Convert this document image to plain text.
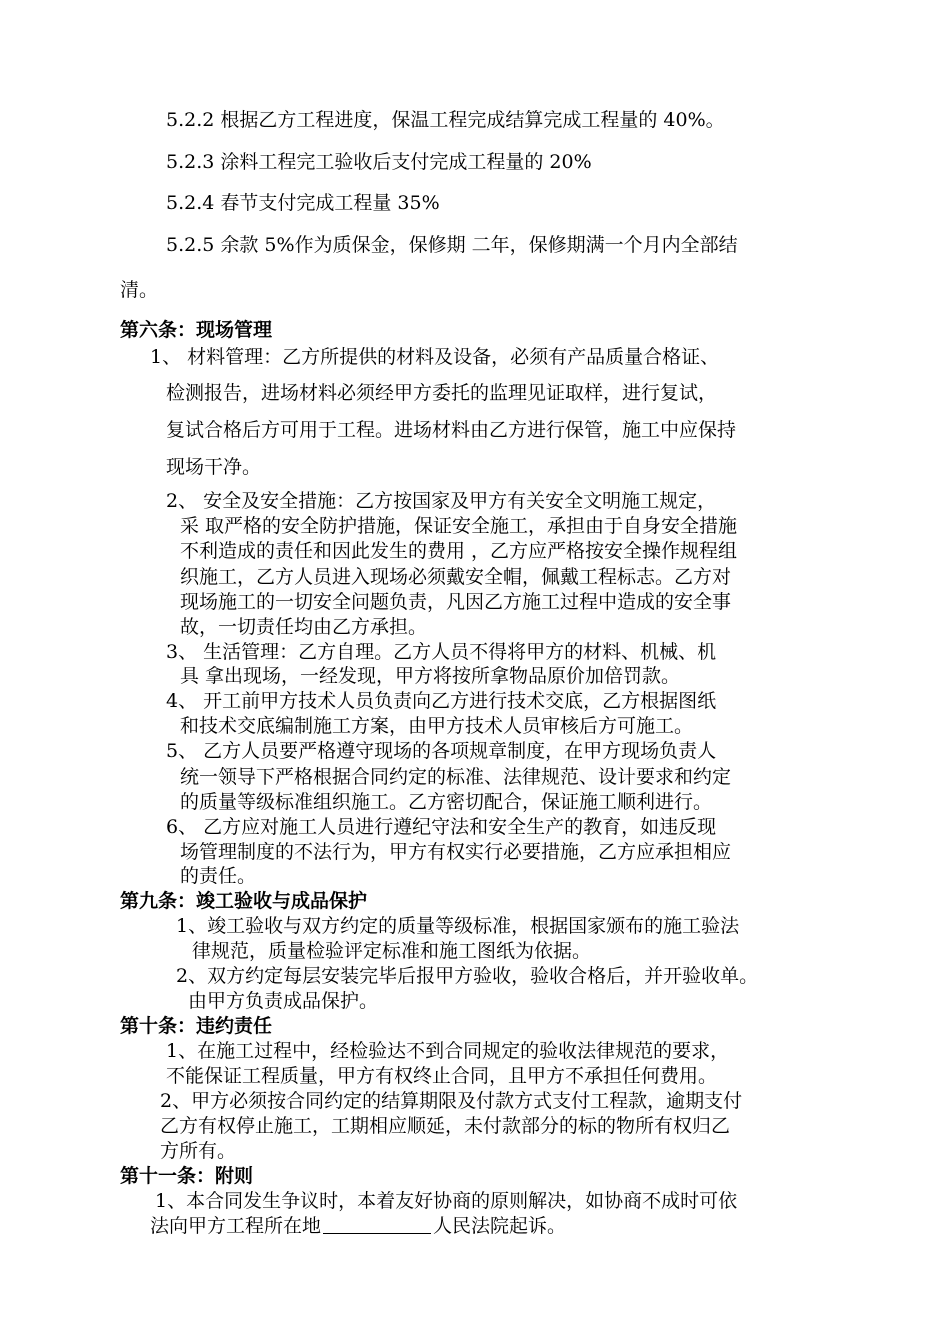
5.2.2 根据乙方工程进度，保温工程完成结算完成工程量的 40%。
5.2.3 涂料工程完工验收后支付完成工程量的 20%
5.2.4 春节支付完成工程量 35%
5.2.5 余款 5%作为质保金，保修期 二年，保修期满一个月内全部结
清。
第六条：现场管理
1、 材料管理：乙方所提供的材料及设备，必须有产品质量合格证、
检测报告，进场材料必须经甲方委托的监理见证取样，进行复试，
复试合格后方可用于工程。进场材料由乙方进行保管，施工中应保持
现场干净。
2、 安全及安全措施：乙方按国家及甲方有关安全文明施工规定，
采 取严格的安全防护措施，保证安全施工，承担由于自身安全措施
不利造成的责任和因此发生的费用 ，乙方应严格按安全操作规程组
织施工，乙方人员进入现场必须戴安全帽，佩戴工程标志。乙方对
现场施工的一切安全问题负责，凡因乙方施工过程中造成的安全事
故，一切责任均由乙方承担。
3、 生活管理：乙方自理。乙方人员不得将甲方的材料、机械、机
具 拿出现场，一经发现，甲方将按所拿物品原价加倍罚款。
4、 开工前甲方技术人员负责向乙方进行技术交底，乙方根据图纸
和技术交底编制施工方案，由甲方技术人员审核后方可施工。
5、 乙方人员要严格遵守现场的各项规章制度，在甲方现场负责人
统一领导下严格根据合同约定的标准、法律规范、设计要求和约定
的质量等级标准组织施工。乙方密切配合，保证施工顺利进行。
6、 乙方应对施工人员进行遵纪守法和安全生产的教育，如违反现
场管理制度的不法行为，甲方有权实行必要措施，乙方应承担相应
的责任。
第九条：竣工验收与成品保护
1、竣工验收与双方约定的质量等级标准，根据国家颁布的施工验法
律规范，质量检验评定标准和施工图纸为依据。
2、双方约定每层安装完毕后报甲方验收，验收合格后，并开验收单。
由甲方负责成品保护。
第十条：违约责任
1、在施工过程中，经检验达不到合同规定的验收法律规范的要求，
不能保证工程质量，甲方有权终止合同，且甲方不承担任何费用。
2、甲方必须按合同约定的结算期限及付款方式支付工程款，逾期支付
乙方有权停止施工，工期相应顺延，未付款部分的标的物所有权归乙
方所有。
第十一条：附则
1、本合同发生争议时，本着友好协商的原则解决，如协商不成时可依
法向甲方工程所在地	人民法院起诉。
